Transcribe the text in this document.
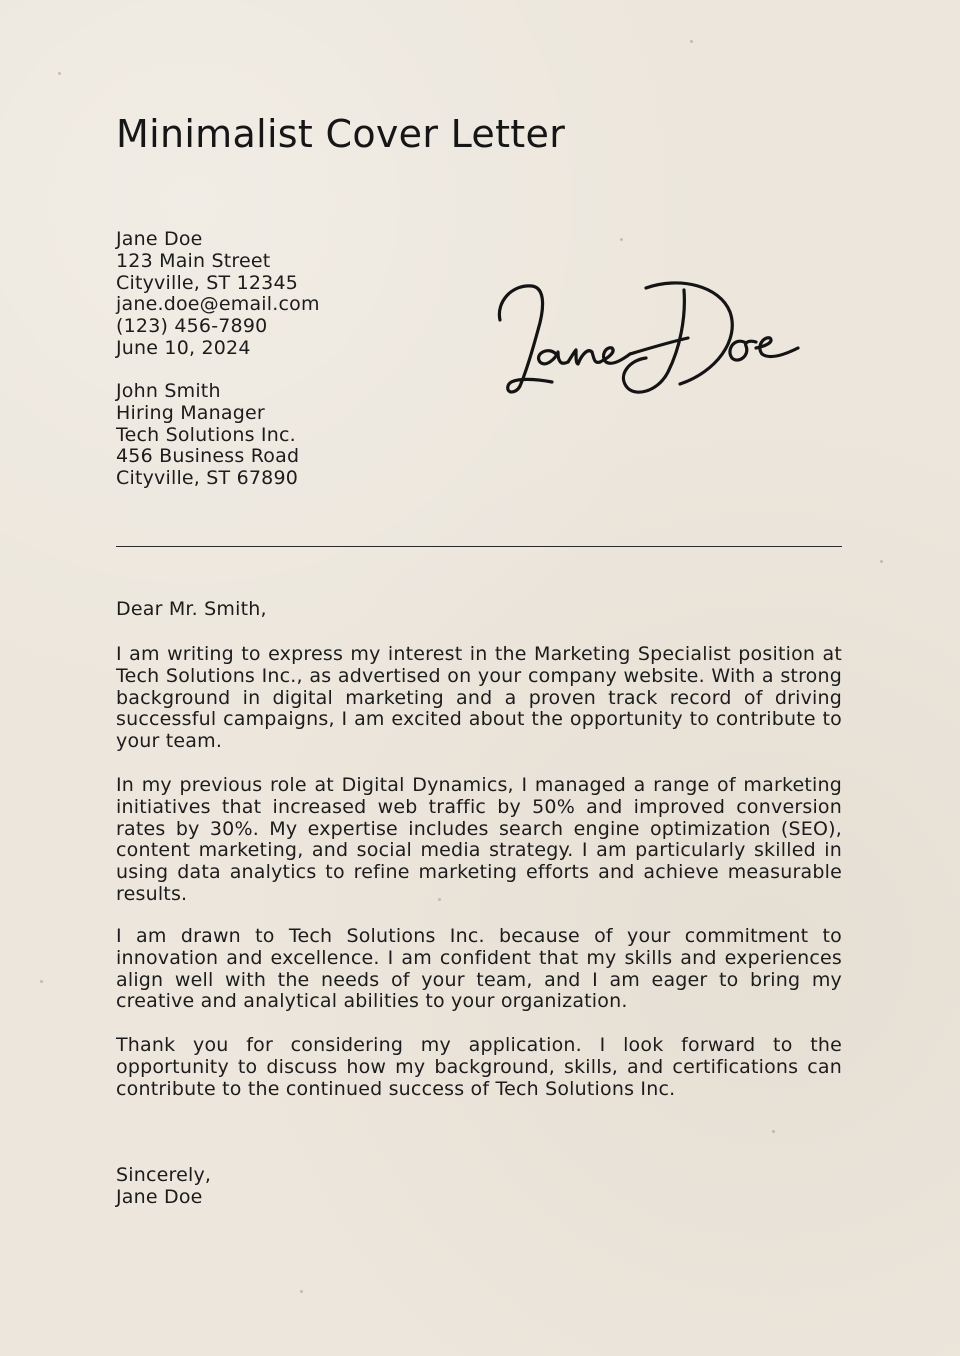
Minimalist Cover Letter
Jane Doe
123 Main Street
Cityville, ST 12345
jane.doe@email.com
(123) 456-7890
June 10, 2024
John Smith
Hiring Manager
Tech Solutions Inc.
456 Business Road
Cityville, ST 67890
Dear Mr. Smith,

I am writing to express my interest in the Marketing Specialist position at Tech Solutions Inc., as advertised on your company website. With a strong background in digital marketing and a proven track record of driving successful campaigns, I am excited about the opportunity to contribute to your team.

In my previous role at Digital Dynamics, I managed a range of marketing initiatives that increased web traffic by 50% and improved conversion rates by 30%. My expertise includes search engine optimization (SEO), content marketing, and social media strategy. I am particularly skilled in using data analytics to refine marketing efforts and achieve measurable results.

I am drawn to Tech Solutions Inc. because of your commitment to innovation and excellence. I am confident that my skills and experiences align well with the needs of your team, and I am eager to bring my creative and analytical abilities to your organization.

Thank you for considering my application. I look forward to the opportunity to discuss how my background, skills, and certifications can contribute to the continued success of Tech Solutions Inc.

Sincerely,
Jane Doe
